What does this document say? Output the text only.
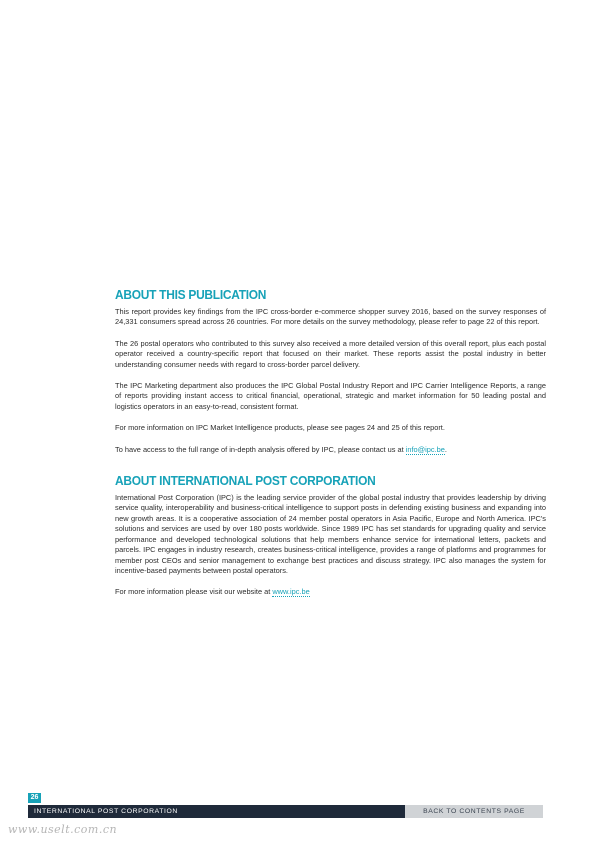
ABOUT THIS PUBLICATION

This report provides key findings from the IPC cross-border e-commerce shopper survey 2016, based on the survey responses of 24,331 consumers spread across 26 countries. For more details on the survey methodology, please refer to page 22 of this report.

The 26 postal operators who contributed to this survey also received a more detailed version of this overall report, plus each postal operator received a country-specific report that focused on their market. These reports assist the postal industry in better understanding consumer needs with regard to cross-border parcel delivery.

The IPC Marketing department also produces the IPC Global Postal Industry Report and IPC Carrier Intelligence Reports, a range of reports providing instant access to critical financial, operational, strategic and market information for 50 leading postal and logistics operators in an easy-to-read, consistent format.

For more information on IPC Market Intelligence products, please see pages 24 and 25 of this report.

To have access to the full range of in-depth analysis offered by IPC, please contact us at info@ipc.be.

ABOUT INTERNATIONAL POST CORPORATION

International Post Corporation (IPC) is the leading service provider of the global postal industry that provides leadership by driving service quality, interoperability and business-critical intelligence to support posts in defending existing business and expanding into new growth areas. It is a cooperative association of 24 member postal operators in Asia Pacific, Europe and North America. IPC's solutions and services are used by over 180 posts worldwide. Since 1989 IPC has set standards for upgrading quality and service performance and developed technological solutions that help members enhance service for international letters, packets and parcels. IPC engages in industry research, creates business-critical intelligence, provides a range of platforms and programmes for member post CEOs and senior management to exchange best practices and discuss strategy. IPC also manages the system for incentive-based payments between postal operators.

For more information please visit our website at www.ipc.be

26
INTERNATIONAL POST CORPORATION	BACK TO CONTENTS PAGE
www.uselt.com.cn
